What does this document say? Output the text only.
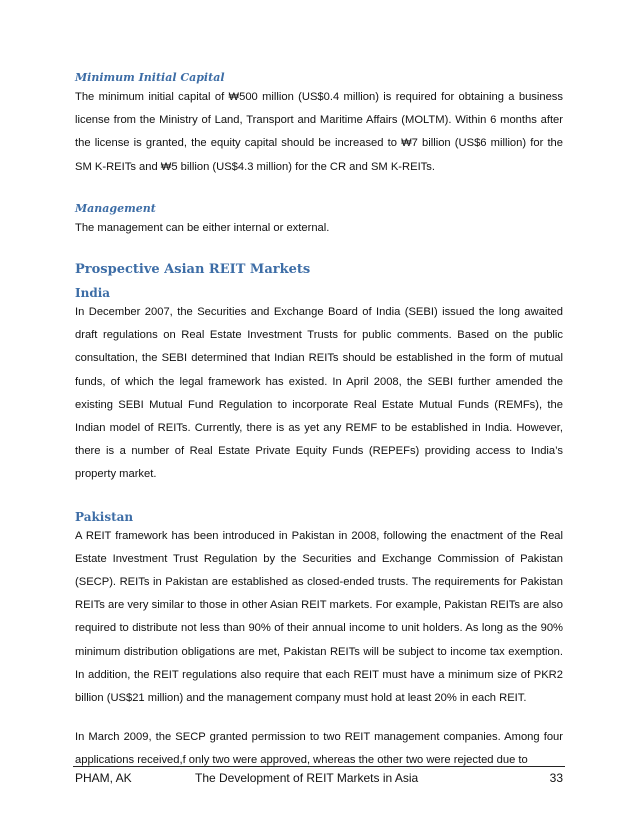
Minimum Initial Capital

The minimum initial capital of ₩500 million (US$0.4 million) is required for obtaining a business license from the Ministry of Land, Transport and Maritime Affairs (MOLTM). Within 6 months after the license is granted, the equity capital should be increased to ₩7 billion (US$6 million) for the SM K-REITs and ₩5 billion (US$4.3 million) for the CR and SM K-REITs.

Management

The management can be either internal or external.

Prospective Asian REIT Markets
India

In December 2007, the Securities and Exchange Board of India (SEBI) issued the long awaited draft regulations on Real Estate Investment Trusts for public comments. Based on the public consultation, the SEBI determined that Indian REITs should be established in the form of mutual funds, of which the legal framework has existed. In April 2008, the SEBI further amended the existing SEBI Mutual Fund Regulation to incorporate Real Estate Mutual Funds (REMFs), the Indian model of REITs. Currently, there is as yet any REMF to be established in India. However, there is a number of Real Estate Private Equity Funds (REPEFs) providing access to India’s property market.

Pakistan

A REIT framework has been introduced in Pakistan in 2008, following the enactment of the Real Estate Investment Trust Regulation by the Securities and Exchange Commission of Pakistan (SECP). REITs in Pakistan are established as closed-ended trusts. The requirements for Pakistan REITs are very similar to those in other Asian REIT markets. For example, Pakistan REITs are also required to distribute not less than 90% of their annual income to unit holders. As long as the 90% minimum distribution obligations are met, Pakistan REITs will be subject to income tax exemption. In addition, the REIT regulations also require that each REIT must have a minimum size of PKR2 billion (US$21 million) and the management company must hold at least 20% in each REIT.

In March 2009, the SECP granted permission to two REIT management companies. Among four applications received,f only two were approved, whereas the other two were rejected due to

PHAM, AK	The Development of REIT Markets in Asia	33
